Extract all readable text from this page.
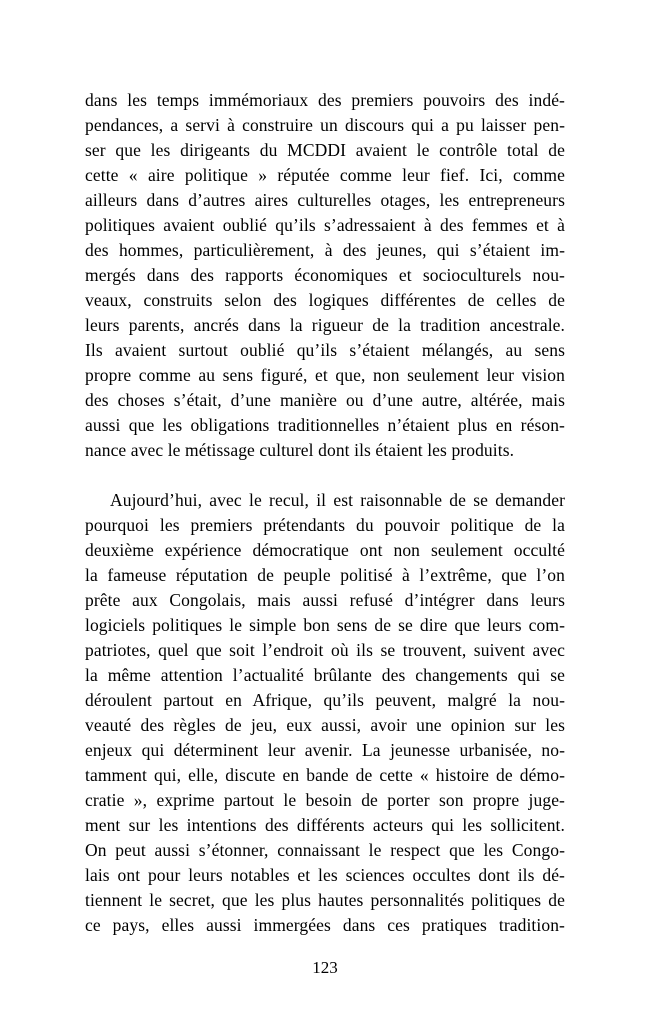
dans les temps immémoriaux des premiers pouvoirs des indé-
pendances, a servi à construire un discours qui a pu laisser pen-
ser que les dirigeants du MCDDI avaient le contrôle total de
cette « aire politique » réputée comme leur fief. Ici, comme
ailleurs dans d’autres aires culturelles otages, les entrepreneurs
politiques avaient oublié qu’ils s’adressaient à des femmes et à
des hommes, particulièrement, à des jeunes, qui s’étaient im-
mergés dans des rapports économiques et socioculturels nou-
veaux, construits selon des logiques différentes de celles de
leurs parents, ancrés dans la rigueur de la tradition ancestrale.
Ils avaient surtout oublié qu’ils s’étaient mélangés, au sens
propre comme au sens figuré, et que, non seulement leur vision
des choses s’était, d’une manière ou d’une autre, altérée, mais
aussi que les obligations traditionnelles n’étaient plus en réson-
nance avec le métissage culturel dont ils étaient les produits.
Aujourd’hui, avec le recul, il est raisonnable de se demander
pourquoi les premiers prétendants du pouvoir politique de la
deuxième expérience démocratique ont non seulement occulté
la fameuse réputation de peuple politisé à l’extrême, que l’on
prête aux Congolais, mais aussi refusé d’intégrer dans leurs
logiciels politiques le simple bon sens de se dire que leurs com-
patriotes, quel que soit l’endroit où ils se trouvent, suivent avec
la même attention l’actualité brûlante des changements qui se
déroulent partout en Afrique, qu’ils peuvent, malgré la nou-
veauté des règles de jeu, eux aussi, avoir une opinion sur les
enjeux qui déterminent leur avenir. La jeunesse urbanisée, no-
tamment qui, elle, discute en bande de cette « histoire de démo-
cratie », exprime partout le besoin de porter son propre juge-
ment sur les intentions des différents acteurs qui les sollicitent.
On peut aussi s’étonner, connaissant le respect que les Congo-
lais ont pour leurs notables et les sciences occultes dont ils dé-
tiennent le secret, que les plus hautes personnalités politiques de
ce pays, elles aussi immergées dans ces pratiques tradition-
123
